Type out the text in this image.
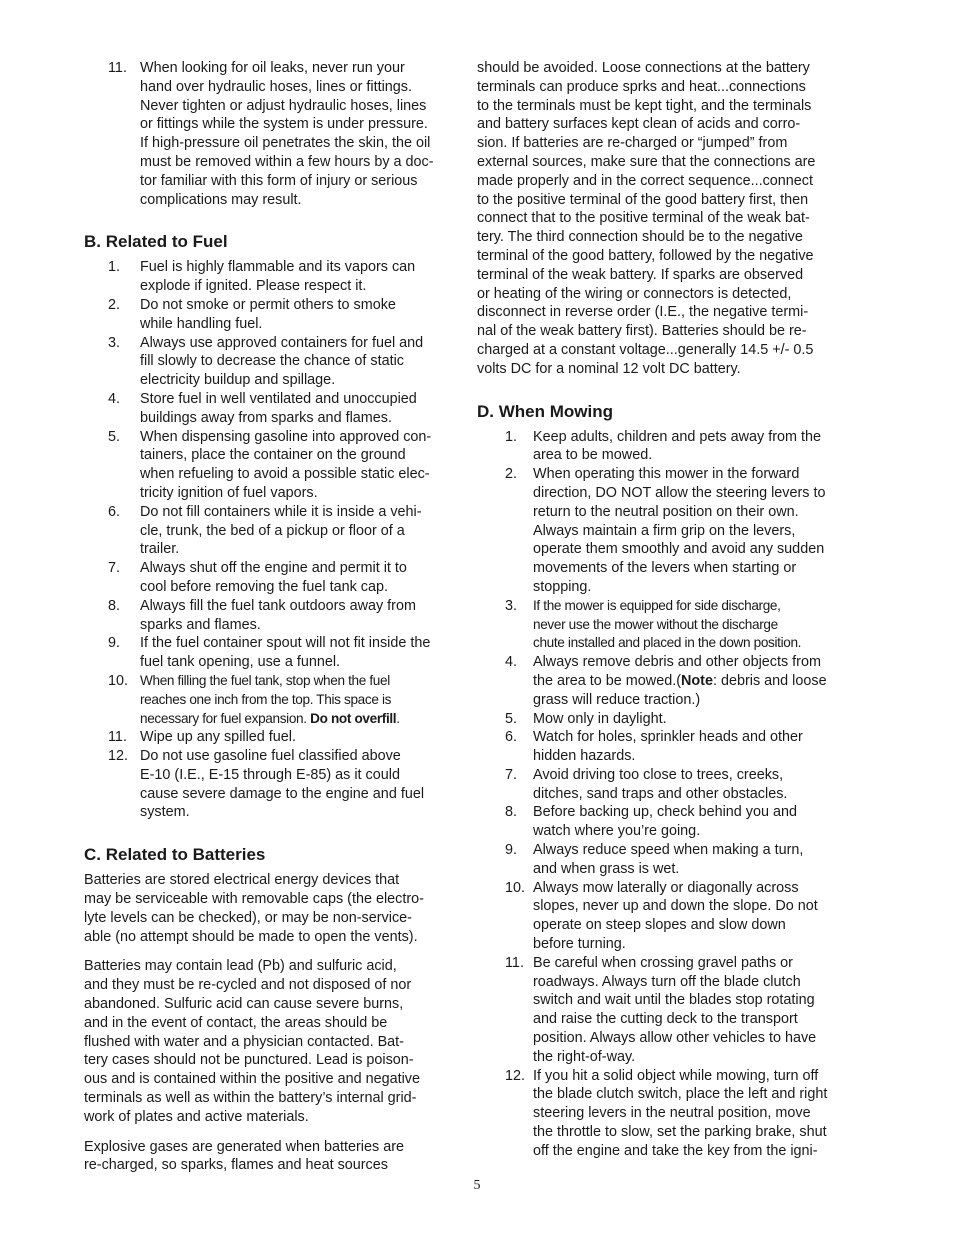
11. When looking for oil leaks, never run your
hand over hydraulic hoses, lines or fittings.
Never tighten or adjust hydraulic hoses, lines
or fittings while the system is under pressure.
If high-pressure oil penetrates the skin, the oil
must be removed within a few hours by a doc-
tor familiar with this form of injury or serious
complications may result.
B. Related to Fuel
1. Fuel is highly flammable and its vapors can
explode if ignited. Please respect it.
2. Do not smoke or permit others to smoke
while handling fuel.
3. Always use approved containers for fuel and
fill slowly to decrease the chance of static
electricity buildup and spillage.
4. Store fuel in well ventilated and unoccupied
buildings away from sparks and flames.
5. When dispensing gasoline into approved con-
tainers, place the container on the ground
when refueling to avoid a possible static elec-
tricity ignition of fuel vapors.
6. Do not fill containers while it is inside a vehi-
cle, trunk, the bed of a pickup or floor of a
trailer.
7. Always shut off the engine and permit it to
cool before removing the fuel tank cap.
8. Always fill the fuel tank outdoors away from
sparks and flames.
9. If the fuel container spout will not fit inside the
fuel tank opening, use a funnel.
10. When filling the fuel tank, stop when the fuel
reaches one inch from the top. This space is
necessary for fuel expansion. Do not overfill.
11. Wipe up any spilled fuel.
12. Do not use gasoline fuel classified above
E-10 (I.E., E-15 through E-85) as it could
cause severe damage to the engine and fuel
system.
C. Related to Batteries

Batteries are stored electrical energy devices that
may be serviceable with removable caps (the electro-
lyte levels can be checked), or may be non-service-
able (no attempt should be made to open the vents).

Batteries may contain lead (Pb) and sulfuric acid,
and they must be re-cycled and not disposed of nor
abandoned. Sulfuric acid can cause severe burns,
and in the event of contact, the areas should be
flushed with water and a physician contacted. Bat-
tery cases should not be punctured. Lead is poison-
ous and is contained within the positive and negative
terminals as well as within the battery’s internal grid-
work of plates and active materials.

Explosive gases are generated when batteries are
re-charged, so sparks, flames and heat sources

should be avoided. Loose connections at the battery
terminals can produce sprks and heat...connections
to the terminals must be kept tight, and the terminals
and battery surfaces kept clean of acids and corro-
sion. If batteries are re-charged or “jumped” from
external sources, make sure that the connections are
made properly and in the correct sequence...connect
to the positive terminal of the good battery first, then
connect that to the positive terminal of the weak bat-
tery. The third connection should be to the negative
terminal of the good battery, followed by the negative
terminal of the weak battery. If sparks are observed
or heating of the wiring or connectors is detected,
disconnect in reverse order (I.E., the negative termi-
nal of the weak battery first). Batteries should be re-
charged at a constant voltage...generally 14.5 +/- 0.5
volts DC for a nominal 12 volt DC battery.

D. When Mowing
1. Keep adults, children and pets away from the
area to be mowed.
2. When operating this mower in the forward
direction, DO NOT allow the steering levers to
return to the neutral position on their own.
Always maintain a firm grip on the levers,
operate them smoothly and avoid any sudden
movements of the levers when starting or
stopping.
3. If the mower is equipped for side discharge,
never use the mower without the discharge
chute installed and placed in the down position.
4. Always remove debris and other objects from
the area to be mowed.(Note: debris and loose
grass will reduce traction.)
5. Mow only in daylight.
6. Watch for holes, sprinkler heads and other
hidden hazards.
7. Avoid driving too close to trees, creeks,
ditches, sand traps and other obstacles.
8. Before backing up, check behind you and
watch where you’re going.
9. Always reduce speed when making a turn,
and when grass is wet.
10. Always mow laterally or diagonally across
slopes, never up and down the slope. Do not
operate on steep slopes and slow down
before turning.
11. Be careful when crossing gravel paths or
roadways. Always turn off the blade clutch
switch and wait until the blades stop rotating
and raise the cutting deck to the transport
position. Always allow other vehicles to have
the right-of-way.
12. If you hit a solid object while mowing, turn off
the blade clutch switch, place the left and right
steering levers in the neutral position, move
the throttle to slow, set the parking brake, shut
off the engine and take the key from the igni-
5
